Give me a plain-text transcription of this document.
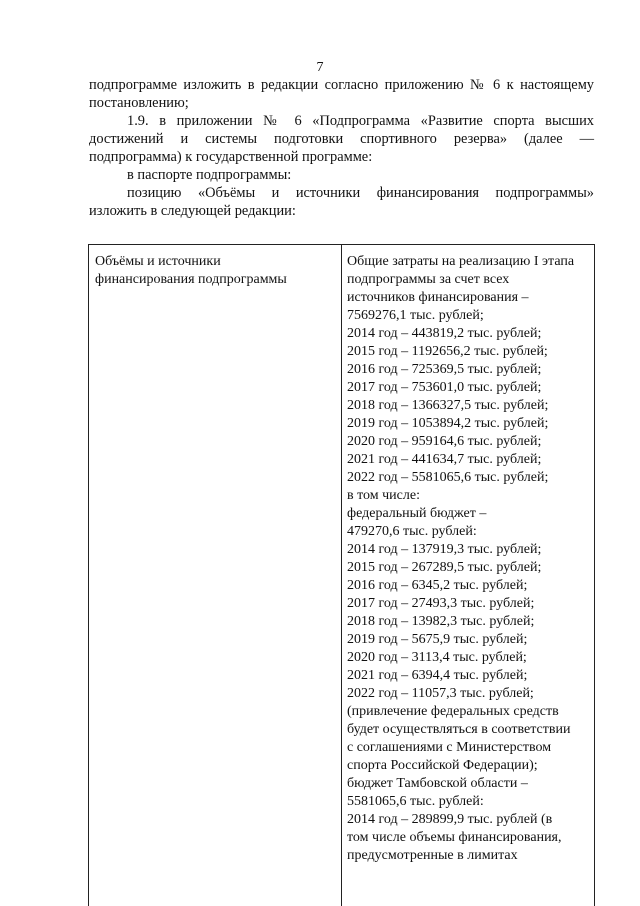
7

подпрограмме изложить в редакции согласно приложению № 6 к настоящему

постановлению;

1.9. в приложении № 6 «Подпрограмма «Развитие спорта высших

достижений и системы подготовки спортивного резерва» (далее —

подпрограмма) к государственной программе:

в паспорте подпрограммы:

позицию «Объёмы и источники финансирования подпрограммы»

изложить в следующей редакции:

Объёмы и источники
финансирования подпрограммы
Общие затраты на реализацию I этапа
подпрограммы за счет всех
источников финансирования –
7569276,1 тыс. рублей;
2014 год – 443819,2 тыс. рублей;
2015 год – 1192656,2 тыс. рублей;
2016 год – 725369,5 тыс. рублей;
2017 год – 753601,0 тыс. рублей;
2018 год – 1366327,5 тыс. рублей;
2019 год – 1053894,2 тыс. рублей;
2020 год – 959164,6 тыс. рублей;
2021 год – 441634,7 тыс. рублей;
2022 год – 5581065,6 тыс. рублей;
в том числе:
федеральный бюджет –
479270,6 тыс. рублей:
2014 год – 137919,3 тыс. рублей;
2015 год – 267289,5 тыс. рублей;
2016 год – 6345,2 тыс. рублей;
2017 год – 27493,3 тыс. рублей;
2018 год – 13982,3 тыс. рублей;
2019 год – 5675,9 тыс. рублей;
2020 год – 3113,4 тыс. рублей;
2021 год – 6394,4 тыс. рублей;
2022 год – 11057,3 тыс. рублей;
(привлечение федеральных средств
будет осуществляться в соответствии
с соглашениями с Министерством
спорта Российской Федерации);
бюджет Тамбовской области –
5581065,6 тыс. рублей:
2014 год – 289899,9 тыс. рублей (в
том числе объемы финансирования,
предусмотренные в лимитах
